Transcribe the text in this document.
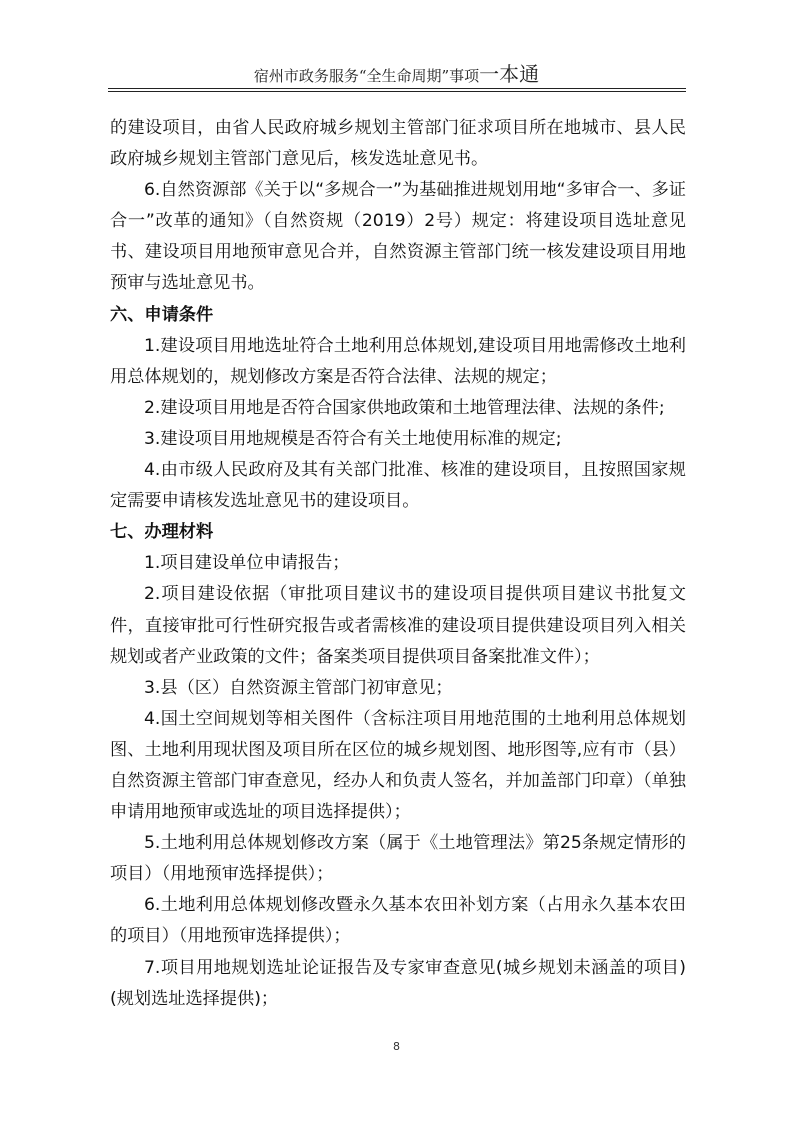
宿州市政务服务“全生命周期”事项一本通

的建设项目，由省人民政府城乡规划主管部门征求项目所在地城市、县人民政府城乡规划主管部门意见后，核发选址意见书。

6.自然资源部《关于以“多规合一”为基础推进规划用地“多审合一、多证合一”改革的通知》（自然资规（2019）2号）规定：将建设项目选址意见书、建设项目用地预审意见合并，自然资源主管部门统一核发建设项目用地预审与选址意见书。

六、申请条件

1.建设项目用地选址符合土地利用总体规划,建设项目用地需修改土地利用总体规划的，规划修改方案是否符合法律、法规的规定；

2.建设项目用地是否符合国家供地政策和土地管理法律、法规的条件;

3.建设项目用地规模是否符合有关土地使用标准的规定;

4.由市级人民政府及其有关部门批准、核准的建设项目，且按照国家规定需要申请核发选址意见书的建设项目。

七、办理材料

1.项目建设单位申请报告；

2.项目建设依据（审批项目建议书的建设项目提供项目建议书批复文件，直接审批可行性研究报告或者需核准的建设项目提供建设项目列入相关规划或者产业政策的文件；备案类项目提供项目备案批准文件）；

3.县（区）自然资源主管部门初审意见；

4.国土空间规划等相关图件（含标注项目用地范围的土地利用总体规划图、土地利用现状图及项目所在区位的城乡规划图、地形图等,应有市（县）自然资源主管部门审查意见，经办人和负责人签名，并加盖部门印章）（单独申请用地预审或选址的项目选择提供）；

5.土地利用总体规划修改方案（属于《土地管理法》第25条规定情形的项目）（用地预审选择提供）；

6.土地利用总体规划修改暨永久基本农田补划方案（占用永久基本农田的项目）（用地预审选择提供）；

7.项目用地规划选址论证报告及专家审查意见(城乡规划未涵盖的项目)(规划选址选择提供)；

8
